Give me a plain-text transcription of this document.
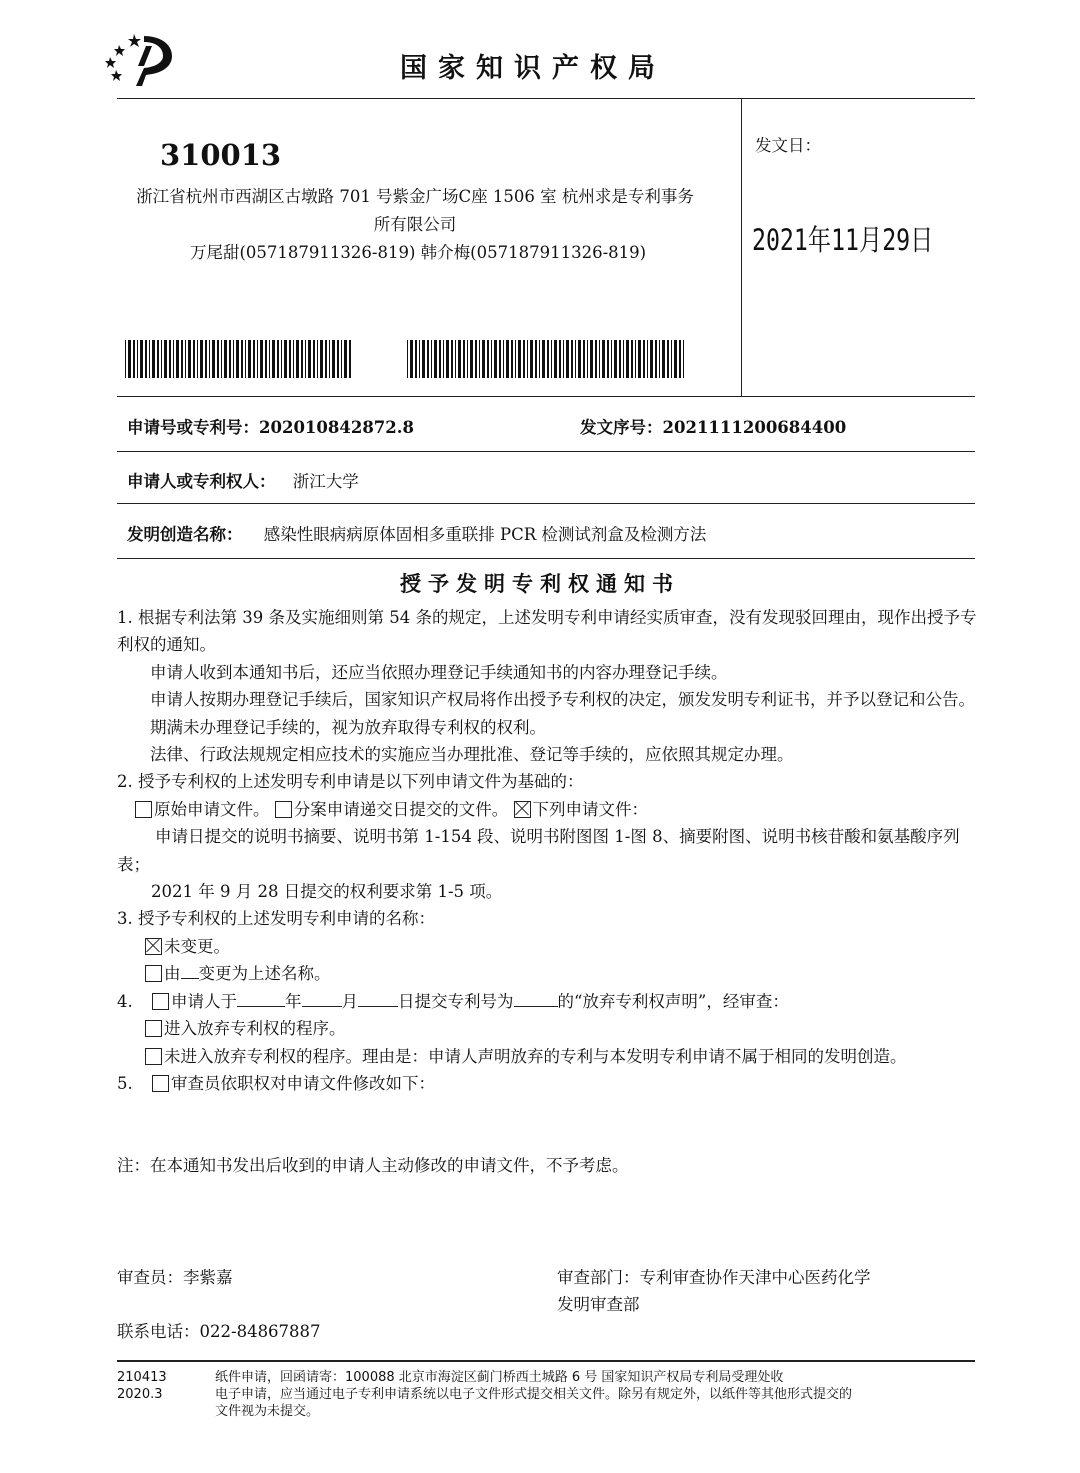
国家知识产权局
310013
浙江省杭州市西湖区古墩路 701 号紫金广场C座 1506 室 杭州求是专利事务所有限公司
万尾甜(057187911326-819) 韩介梅(057187911326-819)
发文日：
2021年11月29日
申请号或专利号：202010842872.8	发文序号：2021111200684400
申请人或专利权人： 浙江大学
发明创造名称： 感染性眼病病原体固相多重联排 PCR 检测试剂盒及检测方法
授予发明专利权通知书

1. 根据专利法第 39 条及实施细则第 54 条的规定，上述发明专利申请经实质审查，没有发现驳回理由，现作出授予专利权的通知。

申请人收到本通知书后，还应当依照办理登记手续通知书的内容办理登记手续。

申请人按期办理登记手续后，国家知识产权局将作出授予专利权的决定，颁发发明专利证书，并予以登记和公告。

期满未办理登记手续的，视为放弃取得专利权的权利。

法律、行政法规规定相应技术的实施应当办理批准、登记等手续的，应依照其规定办理。

2. 授予专利权的上述发明专利申请是以下列申请文件为基础的：

原始申请文件。 分案申请递交日提交的文件。 下列申请文件：

申请日提交的说明书摘要、说明书第 1-154 段、说明书附图图 1-图 8、摘要附图、说明书核苷酸和氨基酸序列表；

2021 年 9 月 28 日提交的权利要求第 1-5 项。

3. 授予专利权的上述发明专利申请的名称：

未变更。

由 变更为上述名称。

4. 申请人于	年 月 日提交专利号为	的“放弃专利权声明”，经审查：

进入放弃专利权的程序。

未进入放弃专利权的程序。理由是：申请人声明放弃的专利与本发明专利申请不属于相同的发明创造。

5. 审查员依职权对申请文件修改如下：

注：在本通知书发出后收到的申请人主动修改的申请文件，不予考虑。
审查员：李紫嘉	审查部门：专利审查协作天津中心医药化学
发明审查部
联系电话：022-84867887
210413
2020.3
纸件申请，回函请寄：100088 北京市海淀区蓟门桥西土城路 6 号 国家知识产权局专利局受理处收
电子申请，应当通过电子专利申请系统以电子文件形式提交相关文件。除另有规定外，以纸件等其他形式提交的
文件视为未提交。
